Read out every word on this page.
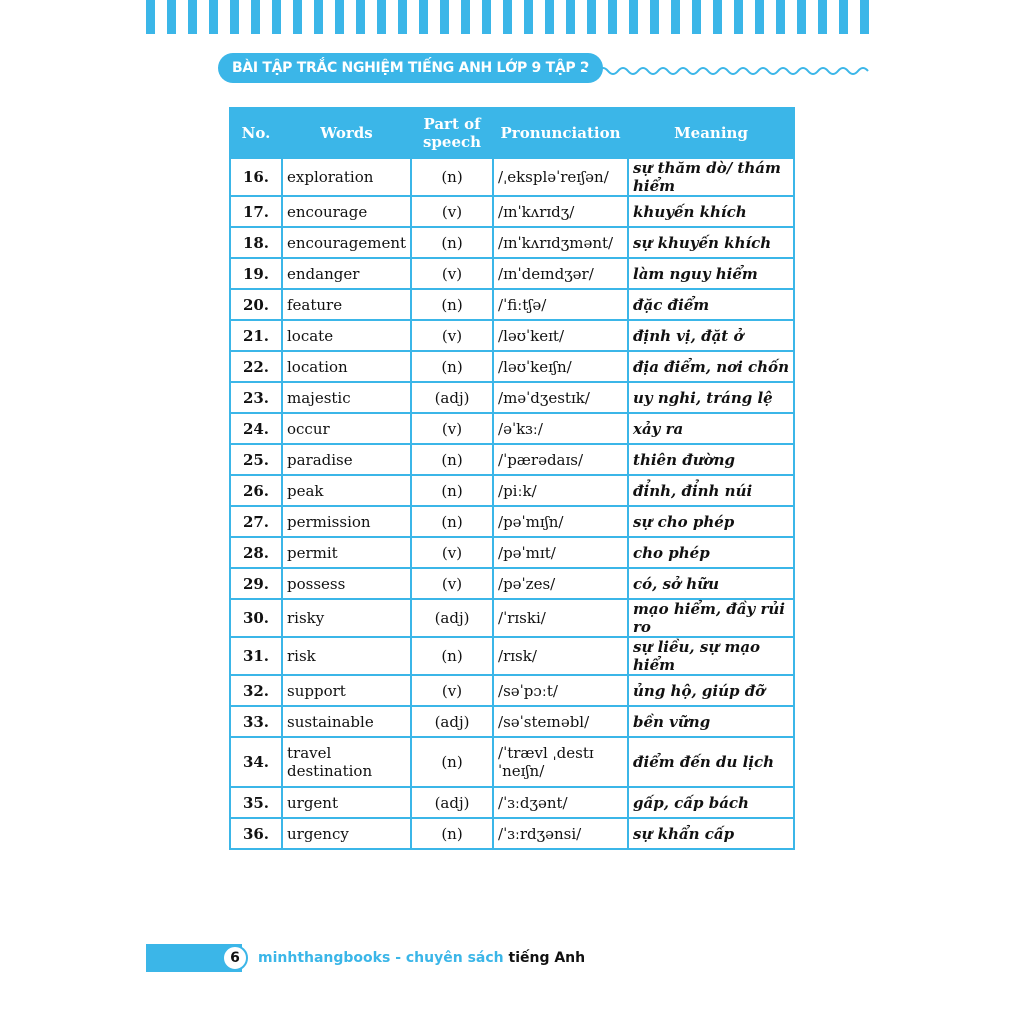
BÀI TẬP TRẮC NGHIỆM TIẾNG ANH LỚP 9 TẬP 2
No.	Words	Part of speech	Pronunciation	Meaning
16.	exploration	(n)	/ˌekspləˈreɪʃən/	sự thăm dò/ thám hiểm
17.	encourage	(v)	/ɪnˈkʌrɪdʒ/	khuyến khích
18.	encouragement	(n)	/ɪnˈkʌrɪdʒmənt/	sự khuyến khích
19.	endanger	(v)	/ɪnˈdeɪndʒər/	làm nguy hiểm
20.	feature	(n)	/ˈfiːtʃə/	đặc điểm
21.	locate	(v)	/ləʊˈkeɪt/	định vị, đặt ở
22.	location	(n)	/ləʊˈkeɪʃn/	địa điểm, nơi chốn
23.	majestic	(adj)	/məˈdʒestɪk/	uy nghi, tráng lệ
24.	occur	(v)	/əˈkɜː/	xảy ra
25.	paradise	(n)	/ˈpærədaɪs/	thiên đường
26.	peak	(n)	/piːk/	đỉnh, đỉnh núi
27.	permission	(n)	/pəˈmɪʃn/	sự cho phép
28.	permit	(v)	/pəˈmɪt/	cho phép
29.	possess	(v)	/pəˈzes/	có, sở hữu
30.	risky	(adj)	/ˈrɪski/	mạo hiểm, đầy rủi ro
31.	risk	(n)	/rɪsk/	sự liều, sự mạo hiểm
32.	support	(v)	/səˈpɔːt/	ủng hộ, giúp đỡ
33.	sustainable	(adj)	/səˈsteɪnəbl/	bền vững
34.	travel destination	(n)	/ˈtrævl ˌdestɪˈneɪʃn/	điểm đến du lịch
35.	urgent	(adj)	/ˈɜːdʒənt/	gấp, cấp bách
36.	urgency	(n)	/ˈɜːrdʒənsi/	sự khẩn cấp
6	minhthangbooks - chuyên sách tiếng Anh
